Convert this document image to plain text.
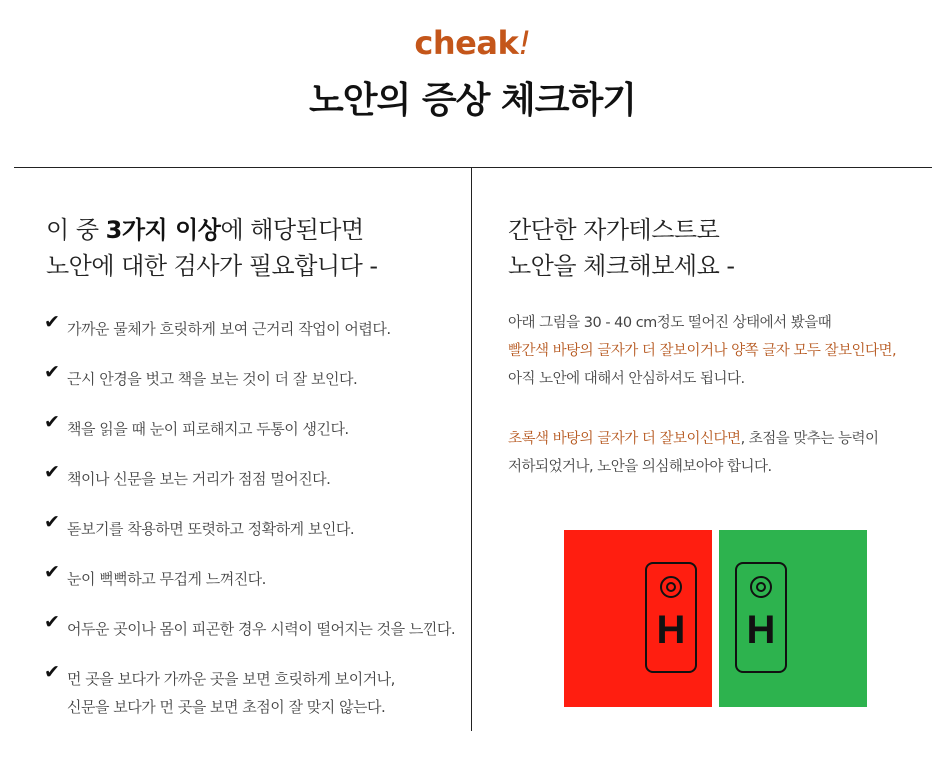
cheak!
노안의 증상 체크하기
이 중 3가지 이상에 해당된다면
노안에 대한 검사가 필요합니다 -
✔ 가까운 물체가 흐릿하게 보여 근거리 작업이 어렵다.
✔ 근시 안경을 벗고 책을 보는 것이 더 잘 보인다.
✔ 책을 읽을 때 눈이 피로해지고 두통이 생긴다.
✔ 책이나 신문을 보는 거리가 점점 멀어진다.
✔ 돋보기를 착용하면 또렷하고 정확하게 보인다.
✔ 눈이 뻑뻑하고 무겁게 느껴진다.
✔ 어두운 곳이나 몸이 피곤한 경우 시력이 떨어지는 것을 느낀다.
✔ 먼 곳을 보다가 가까운 곳을 보면 흐릿하게 보이거나,
신문을 보다가 먼 곳을 보면 초점이 잘 맞지 않는다.
간단한 자가테스트로
노안을 체크해보세요 -
아래 그림을 30 - 40 cm정도 떨어진 상태에서 봤을때
빨간색 바탕의 글자가 더 잘보이거나 양쪽 글자 모두 잘보인다면,
아직 노안에 대해서 안심하셔도 됩니다.
초록색 바탕의 글자가 더 잘보이신다면, 초점을 맞추는 능력이
저하되었거나, 노안을 의심해보아야 합니다.
H H
